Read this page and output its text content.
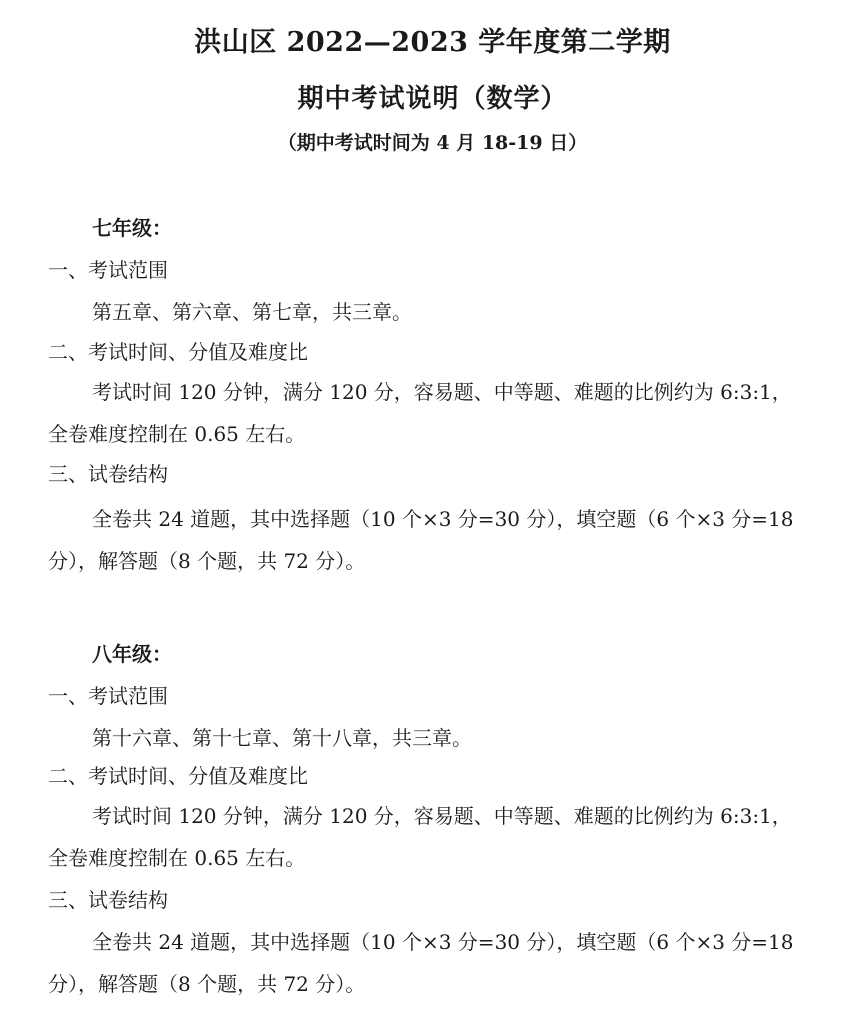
洪山区 2022—2023 学年度第二学期
期中考试说明（数学）
（期中考试时间为 4 月 18-19 日）
七年级：
一、考试范围
第五章、第六章、第七章，共三章。
二、考试时间、分值及难度比
考试时间 120 分钟，满分 120 分，容易题、中等题、难题的比例约为 6:3:1，
全卷难度控制在 0.65 左右。
三、试卷结构
全卷共 24 道题，其中选择题（10 个×3 分=30 分），填空题（6 个×3 分=18
分），解答题（8 个题，共 72 分）。
八年级：
一、考试范围
第十六章、第十七章、第十八章，共三章。
二、考试时间、分值及难度比
考试时间 120 分钟，满分 120 分，容易题、中等题、难题的比例约为 6:3:1，
全卷难度控制在 0.65 左右。
三、试卷结构
全卷共 24 道题，其中选择题（10 个×3 分=30 分），填空题（6 个×3 分=18
分），解答题（8 个题，共 72 分）。
